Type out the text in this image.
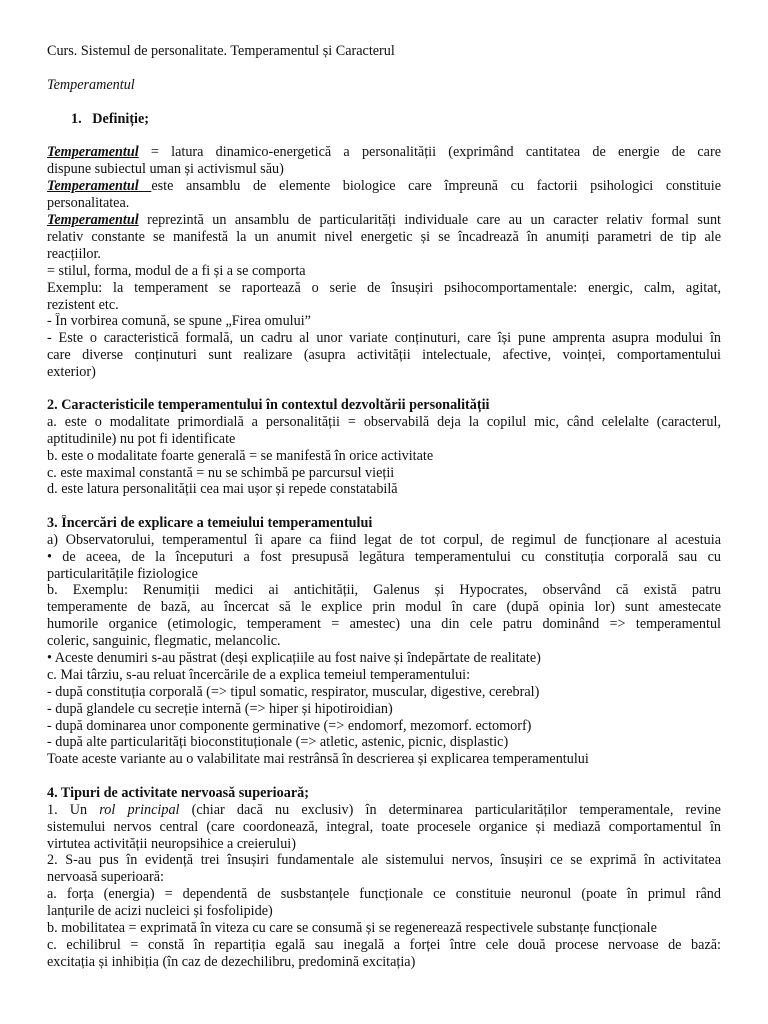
Curs. Sistemul de personalitate. Temperamentul și Caracterul
Temperamentul
1. Definiție;
Temperamentul = latura dinamico-energetică a personalității (exprimând cantitatea de energie de care
dispune subiectul uman și activismul său)
Temperamentul este ansamblu de elemente biologice care împreună cu factorii psihologici constituie
personalitatea.
Temperamentul reprezintă un ansamblu de particularități individuale care au un caracter relativ formal sunt
relativ constante se manifestă la un anumit nivel energetic și se încadrează în anumiți parametri de tip ale
reacțiilor.
= stilul, forma, modul de a fi și a se comporta
Exemplu: la temperament se raportează o serie de însușiri psihocomportamentale: energic, calm, agitat,
rezistent etc.
- În vorbirea comună, se spune „Firea omului”
- Este o caracteristică formală, un cadru al unor variate conținuturi, care își pune amprenta asupra modului în
care diverse conținuturi sunt realizare (asupra activității intelectuale, afective, voinței, comportamentului
exterior)
2. Caracteristicile temperamentului în contextul dezvoltării personalității
a. este o modalitate primordială a personalității = observabilă deja la copilul mic, când celelalte (caracterul,
aptitudinile) nu pot fi identificate
b. este o modalitate foarte generală = se manifestă în orice activitate
c. este maximal constantă = nu se schimbă pe parcursul vieții
d. este latura personalității cea mai ușor și repede constatabilă
3. Încercări de explicare a temeiului temperamentului
a) Observatorului, temperamentul îi apare ca fiind legat de tot corpul, de regimul de funcționare al acestuia
• de aceea, de la începuturi a fost presupusă legătura temperamentului cu constituția corporală sau cu
particularitățile fiziologice
b. Exemplu: Renumiții medici ai antichității, Galenus și Hypocrates, observând că există patru
temperamente de bază, au încercat să le explice prin modul în care (după opinia lor) sunt amestecate
humorile organice (etimologic, temperament = amestec) una din cele patru dominând => temperamentul
coleric, sanguinic, flegmatic, melancolic.
• Aceste denumiri s-au păstrat (deși explicațiile au fost naive și îndepărtate de realitate)
c. Mai târziu, s-au reluat încercările de a explica temeiul temperamentului:
- după constituția corporală (=> tipul somatic, respirator, muscular, digestive, cerebral)
- după glandele cu secreție internă (=> hiper și hipotiroidian)
- după dominarea unor componente germinative (=> endomorf, mezomorf. ectomorf)
- după alte particularități bioconstituționale (=> atletic, astenic, picnic, displastic)
Toate aceste variante au o valabilitate mai restrânsă în descrierea și explicarea temperamentului
4. Tipuri de activitate nervoasă superioară;
1. Un rol principal (chiar dacă nu exclusiv) în determinarea particularităților temperamentale, revine
sistemului nervos central (care coordonează, integral, toate procesele organice și mediază comportamentul în
virtutea activității neuropsihice a creierului)
2. S-au pus în evidență trei însușiri fundamentale ale sistemului nervos, însușiri ce se exprimă în activitatea
nervoasă superioară:
a. forța (energia) = dependentă de susbstanțele funcționale ce constituie neuronul (poate în primul rând
lanțurile de acizi nucleici și fosfolipide)
b. mobilitatea = exprimată în viteza cu care se consumă și se regenerează respectivele substanțe funcționale
c. echilibrul = constă în repartiția egală sau inegală a forței între cele două procese nervoase de bază:
excitația și inhibiția (în caz de dezechilibru, predomină excitația)
